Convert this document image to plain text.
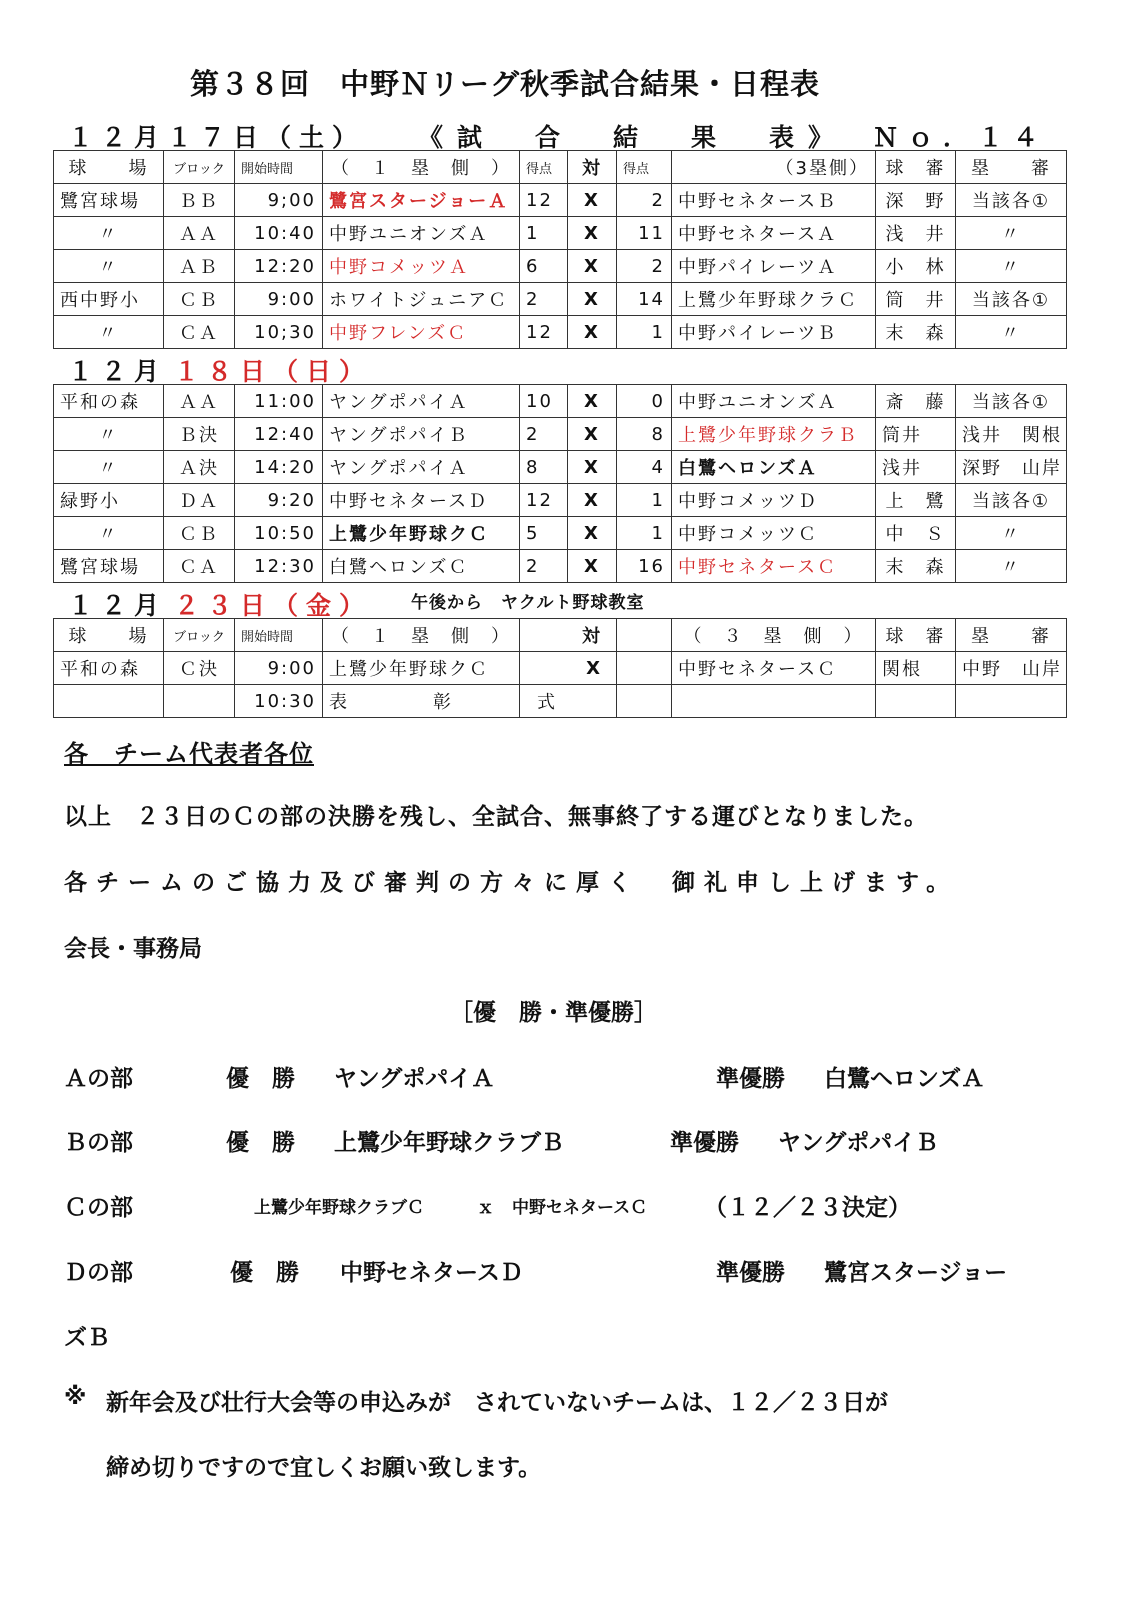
第３８回　中野Ｎリーグ秋季試合結果・日程表
１２月１７日（土） 《試　合　結　果　表》 Ｎｏ．１４
球　　場	ブロック	開始時間	（　１　塁　側　）	得点	対	得点	（3塁側）	球　審	塁　　審
鷺宮球場	ＢＢ	9;00	鷺宮スタージョーＡ	12	X	2	中野セネタースＢ	深　野	当該各①
〃	ＡＡ	10:40	中野ユニオンズＡ	1	X	11	中野セネタースＡ	浅　井	〃
〃	ＡＢ	12:20	中野コメッツＡ	6	X	2	中野パイレーツＡ	小　林	〃
西中野小	ＣＢ	9:00	ホワイトジュニアＣ	2	X	14	上鷺少年野球クラＣ	筒　井	当該各①
〃	ＣＡ	10;30	中野フレンズＣ	12	X	1	中野パイレーツＢ	末　森	〃
１２月 １８日（日）
平和の森	ＡＡ	11:00	ヤングポパイＡ	10	X	0	中野ユニオンズＡ	斎　藤	当該各①
〃	Ｂ決	12:40	ヤングポパイＢ	2	X	8	上鷺少年野球クラＢ	筒井	浅井　関根
〃	Ａ決	14:20	ヤングポパイＡ	8	X	4	白鷺ヘロンズＡ	浅井	深野　山岸
緑野小	ＤＡ	9:20	中野セネタースＤ	12	X	1	中野コメッツＤ	上　鷺	当該各①
〃	ＣＢ	10:50	上鷺少年野球クＣ	5	X	1	中野コメッツＣ	中　Ｓ	〃
鷺宮球場	ＣＡ	12:30	白鷺ヘロンズＣ	2	X	16	中野セネタースＣ	末　森	〃
１２月 ２３日（金） 午後から　ヤクルト野球教室
球　　場	ブロック	開始時間	（　１　塁　側　）	対		（　３　塁　側　）	球　審	塁　　審
平和の森	Ｃ決	9:00	上鷺少年野球クＣ	X		中野セネタースＣ	関根	中野　山岸
		10:30	表　彰　式					
各　チーム代表者各位
以上　２３日のＣの部の決勝を残し、全試合、無事終了する運びとなりました。
各チームのご協力及び審判の方々に厚く　御礼申し上げます。
会長・事務局
［優　勝・準優勝］
Ａの部	優　勝 ヤングポパイＡ	準優勝 白鷺ヘロンズＡ
Ｂの部	優　勝 上鷺少年野球クラブＢ	準優勝 ヤングポパイＢ
Ｃの部	上鷺少年野球クラブＣ	ｘ 中野セネタースＣ （１２／２３決定）
Ｄの部	優　勝 中野セネタースＤ	準優勝 鷺宮スタージョー
ズＢ
※ 新年会及び壮行大会等の申込みが　されていないチームは、１２／２３日が
締め切りですので宜しくお願い致します。
